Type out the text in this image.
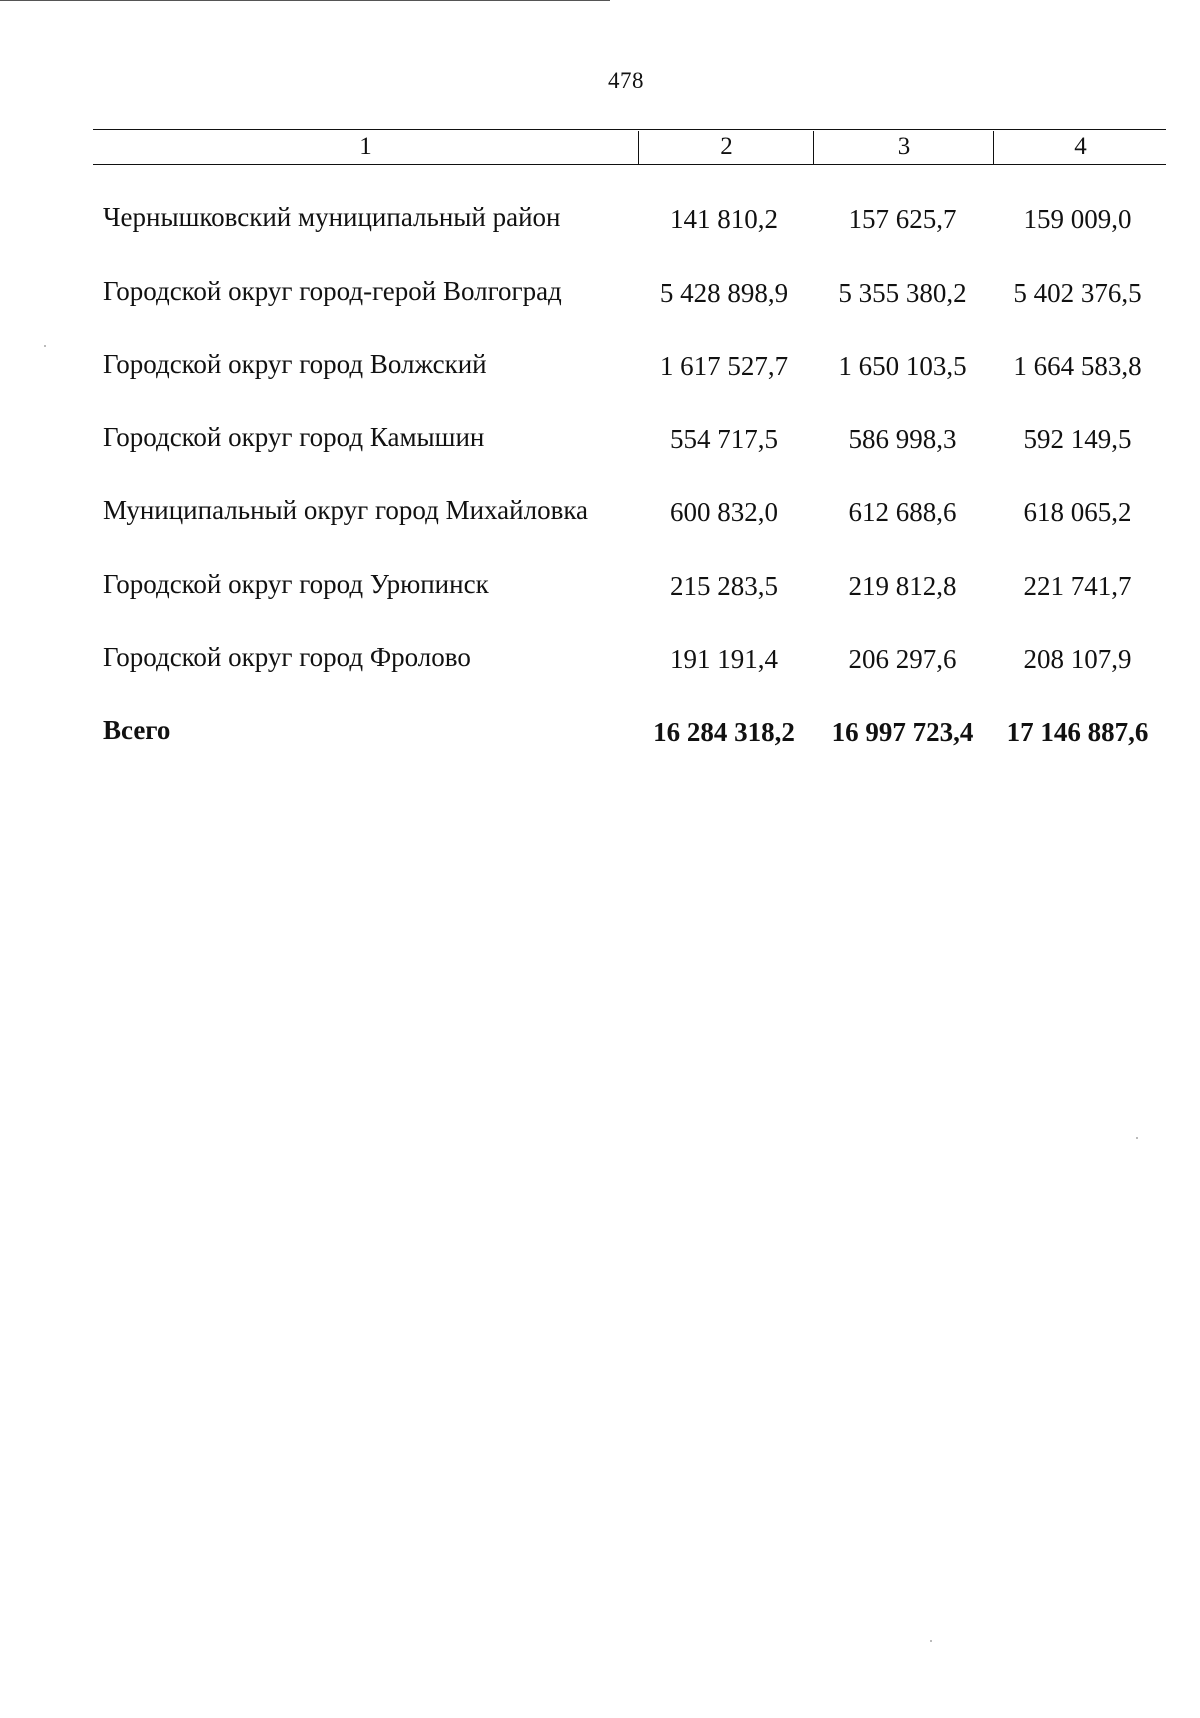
478
1	2	3	4
Чернышковский муниципальный район	141 810,2	157 625,7	159 009,0
Городской округ город-герой Волгоград	5 428 898,9	5 355 380,2	5 402 376,5
Городской округ город Волжский	1 617 527,7	1 650 103,5	1 664 583,8
Городской округ город Камышин	554 717,5	586 998,3	592 149,5
Муниципальный округ город Михайловка	600 832,0	612 688,6	618 065,2
Городской округ город Урюпинск	215 283,5	219 812,8	221 741,7
Городской округ город Фролово	191 191,4	206 297,6	208 107,9
Всего	16 284 318,2	16 997 723,4	17 146 887,6
